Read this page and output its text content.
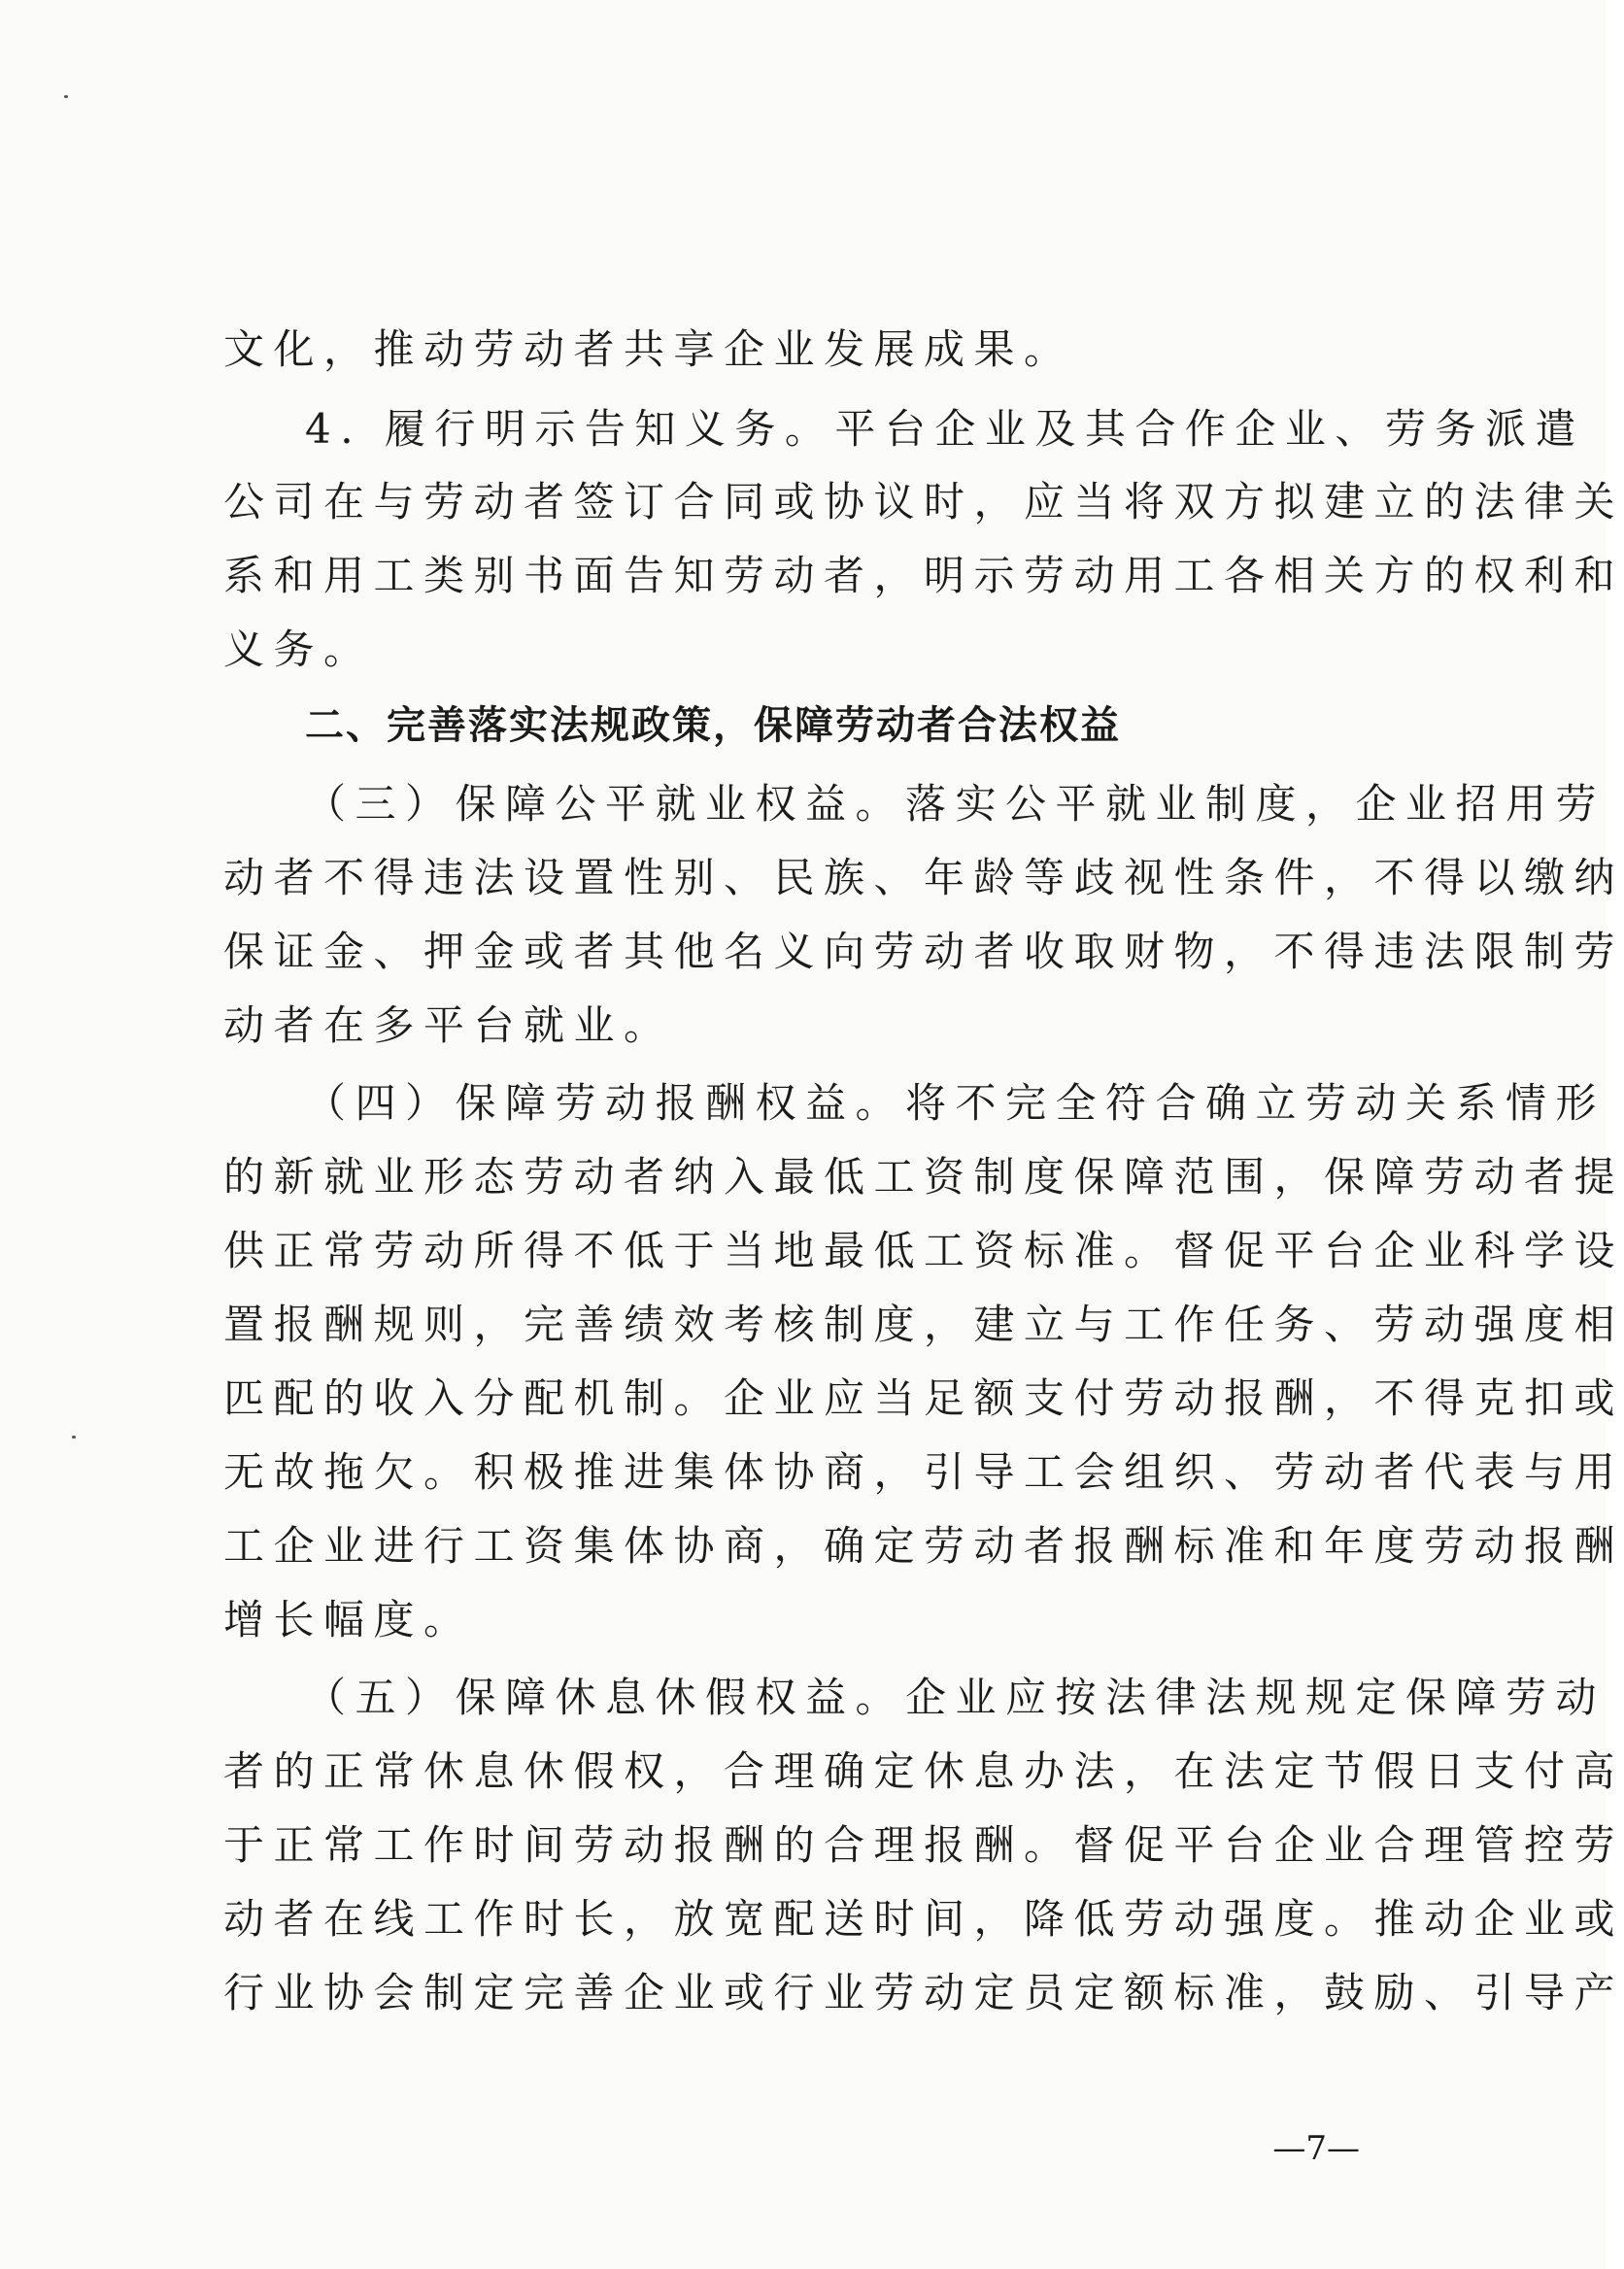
文化，推动劳动者共享企业发展成果。
4. 履行明示告知义务。平台企业及其合作企业、劳务派遣
公司在与劳动者签订合同或协议时，应当将双方拟建立的法律关
系和用工类别书面告知劳动者，明示劳动用工各相关方的权利和
义务。
二、完善落实法规政策，保障劳动者合法权益
（三）保障公平就业权益。落实公平就业制度，企业招用劳
动者不得违法设置性别、民族、年龄等歧视性条件，不得以缴纳
保证金、押金或者其他名义向劳动者收取财物，不得违法限制劳
动者在多平台就业。
（四）保障劳动报酬权益。将不完全符合确立劳动关系情形
的新就业形态劳动者纳入最低工资制度保障范围，保障劳动者提
供正常劳动所得不低于当地最低工资标准。督促平台企业科学设
置报酬规则，完善绩效考核制度，建立与工作任务、劳动强度相
匹配的收入分配机制。企业应当足额支付劳动报酬，不得克扣或
无故拖欠。积极推进集体协商，引导工会组织、劳动者代表与用
工企业进行工资集体协商，确定劳动者报酬标准和年度劳动报酬
增长幅度。
（五）保障休息休假权益。企业应按法律法规规定保障劳动
者的正常休息休假权，合理确定休息办法，在法定节假日支付高
于正常工作时间劳动报酬的合理报酬。督促平台企业合理管控劳
动者在线工作时长，放宽配送时间，降低劳动强度。推动企业或
行业协会制定完善企业或行业劳动定员定额标准，鼓励、引导产
—7—
